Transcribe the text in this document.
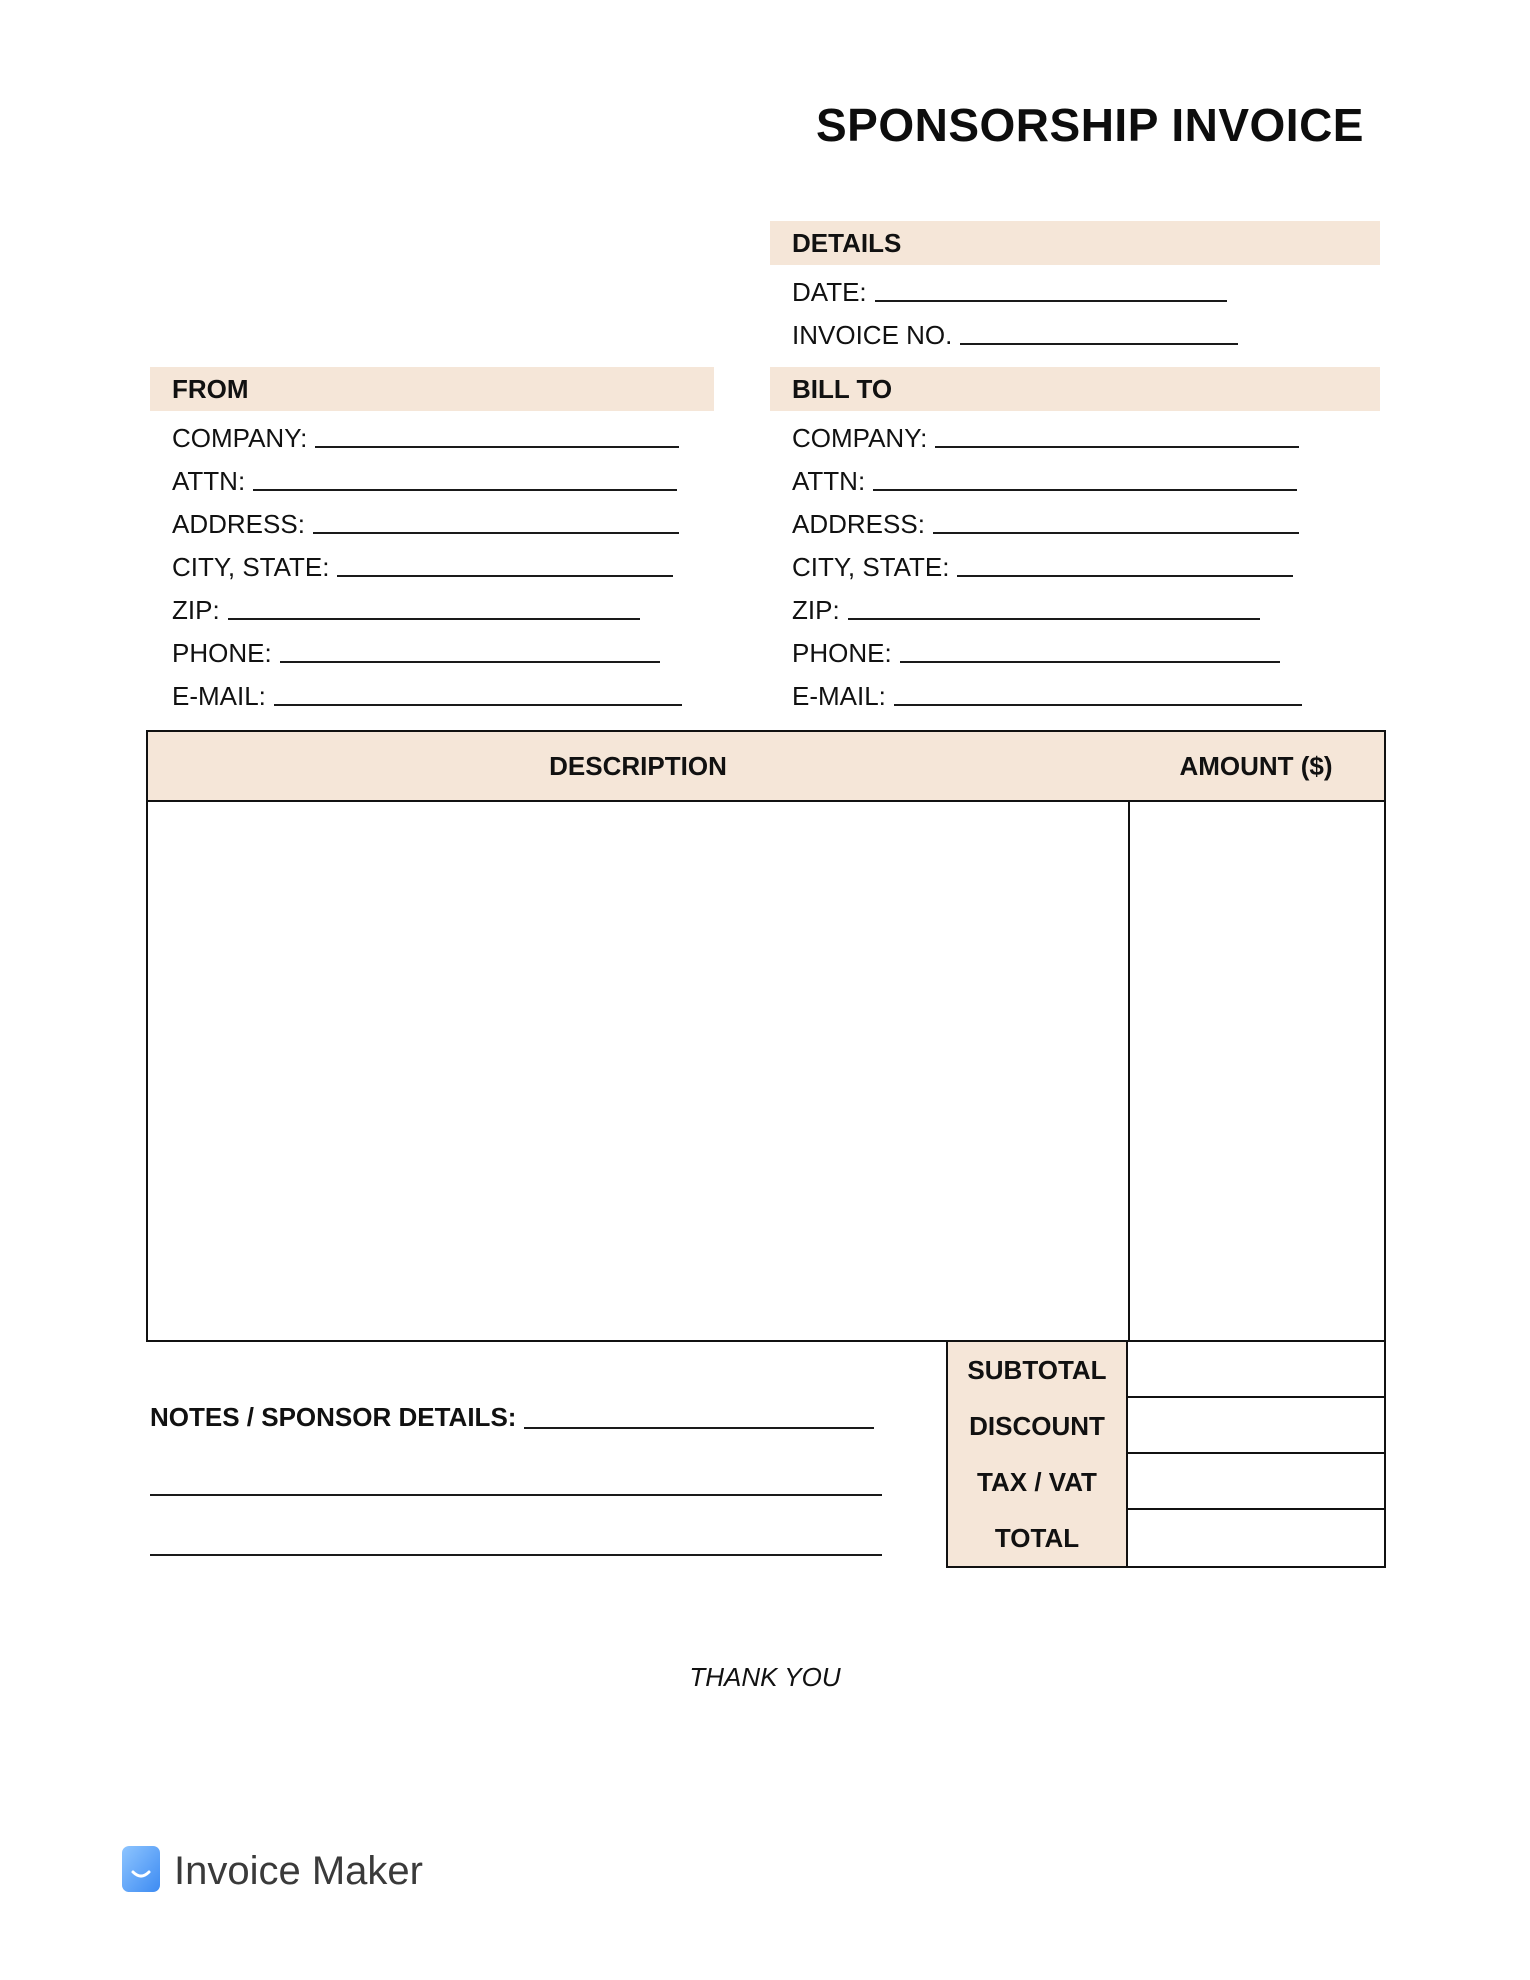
SPONSORSHIP INVOICE
DETAILS
DATE:
INVOICE NO.
FROM
COMPANY:
ATTN:
ADDRESS:
CITY, STATE:
ZIP:
PHONE:
E-MAIL:
BILL TO
COMPANY:
ATTN:
ADDRESS:
CITY, STATE:
ZIP:
PHONE:
E-MAIL:
DESCRIPTION	AMOUNT ($)
SUBTOTAL
DISCOUNT
TAX / VAT
TOTAL
NOTES / SPONSOR DETAILS:
THANK YOU
Invoice Maker
